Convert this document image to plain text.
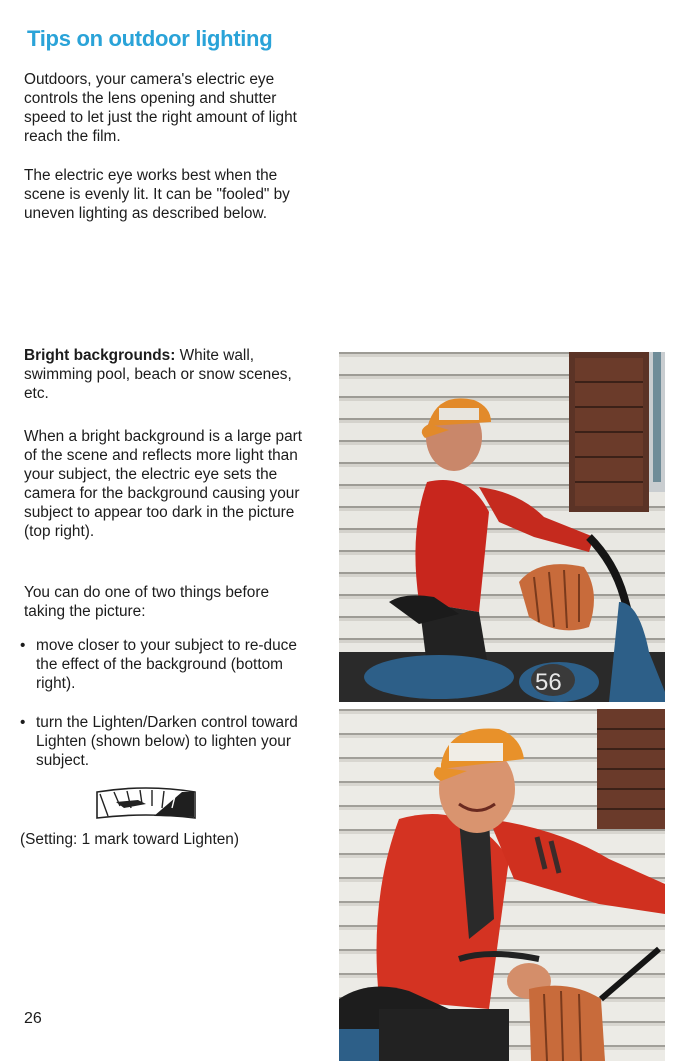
Tips on outdoor lighting

Outdoors, your camera's electric eye controls the lens opening and shutter speed to let just the right amount of light reach the film.

The electric eye works best when the scene is evenly lit. It can be "fooled" by uneven lighting as described below.

Bright backgrounds: White wall, swimming pool, beach or snow scenes, etc.

When a bright background is a large part of the scene and reflects more light than your subject, the electric eye sets the camera for the background causing your subject to appear too dark in the picture (top right).

You can do one of two things before taking the picture:

• move closer to your subject to re-duce the effect of the background (bottom right).
• turn the Lighten/Darken control toward Lighten (shown below) to lighten your subject.

(Setting: 1 mark toward Lighten)

26

56
